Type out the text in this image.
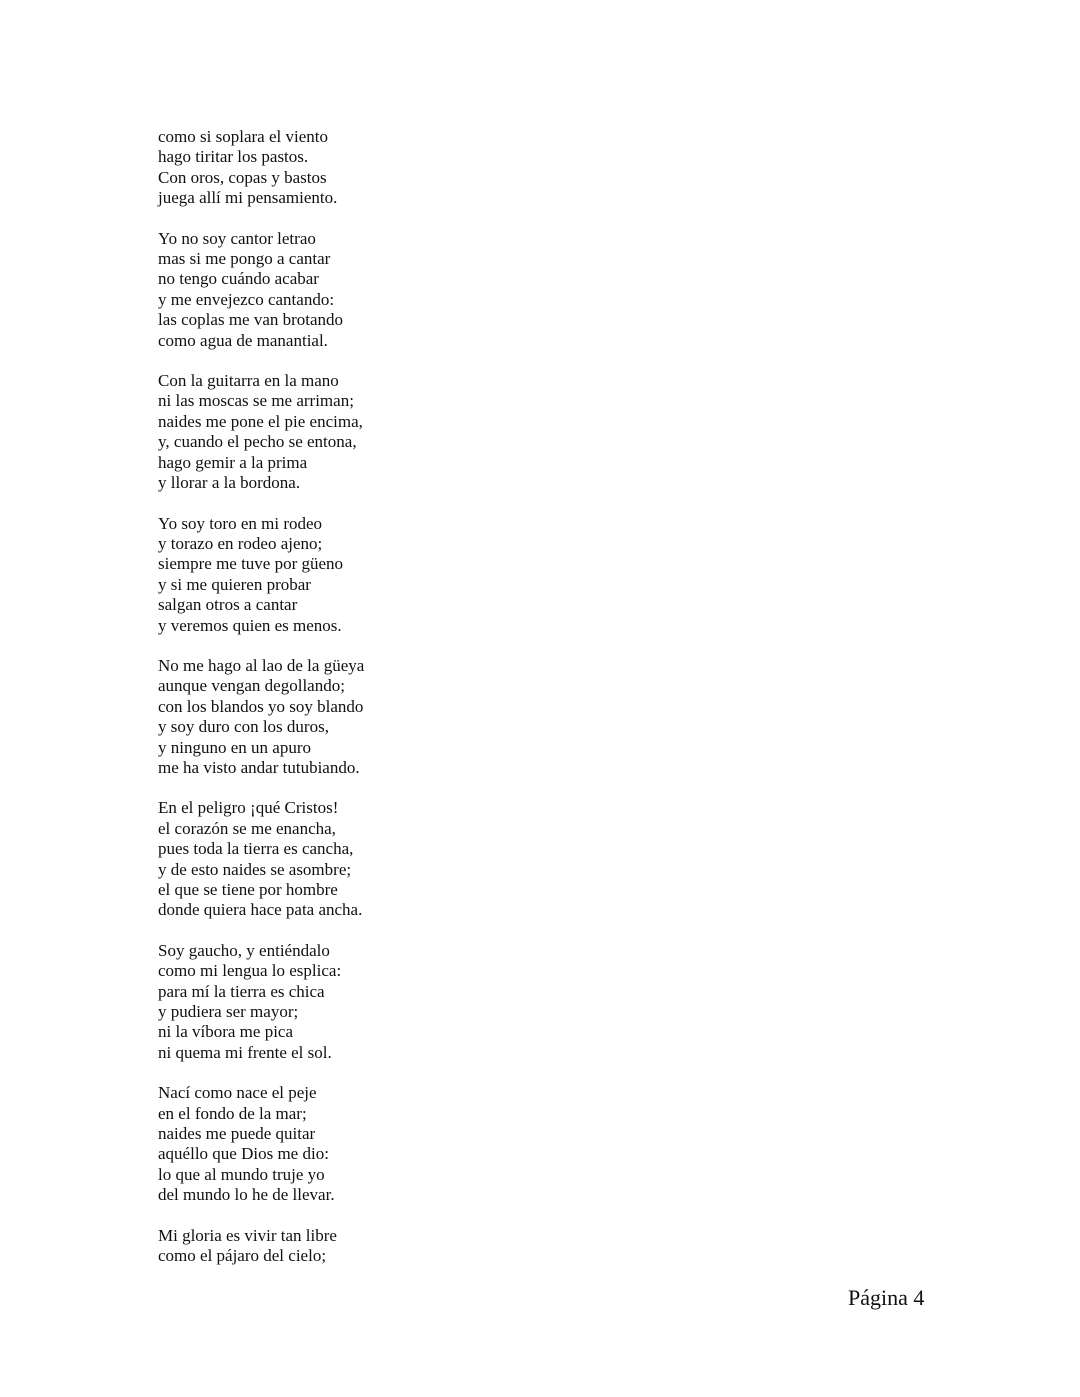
como si soplara el viento
hago tiritar los pastos.
Con oros, copas y bastos
juega allí mi pensamiento.
Yo no soy cantor letrao
mas si me pongo a cantar
no tengo cuándo acabar
y me envejezco cantando:
las coplas me van brotando
como agua de manantial.
Con la guitarra en la mano
ni las moscas se me arriman;
naides me pone el pie encima,
y, cuando el pecho se entona,
hago gemir a la prima
y llorar a la bordona.
Yo soy toro en mi rodeo
y torazo en rodeo ajeno;
siempre me tuve por güeno
y si me quieren probar
salgan otros a cantar
y veremos quien es menos.
No me hago al lao de la güeya
aunque vengan degollando;
con los blandos yo soy blando
y soy duro con los duros,
y ninguno en un apuro
me ha visto andar tutubiando.
En el peligro ¡qué Cristos!
el corazón se me enancha,
pues toda la tierra es cancha,
y de esto naides se asombre;
el que se tiene por hombre
donde quiera hace pata ancha.
Soy gaucho, y entiéndalo
como mi lengua lo esplica:
para mí la tierra es chica
y pudiera ser mayor;
ni la víbora me pica
ni quema mi frente el sol.
Nací como nace el peje
en el fondo de la mar;
naides me puede quitar
aquéllo que Dios me dio:
lo que al mundo truje yo
del mundo lo he de llevar.
Mi gloria es vivir tan libre
como el pájaro del cielo;
Página 4
